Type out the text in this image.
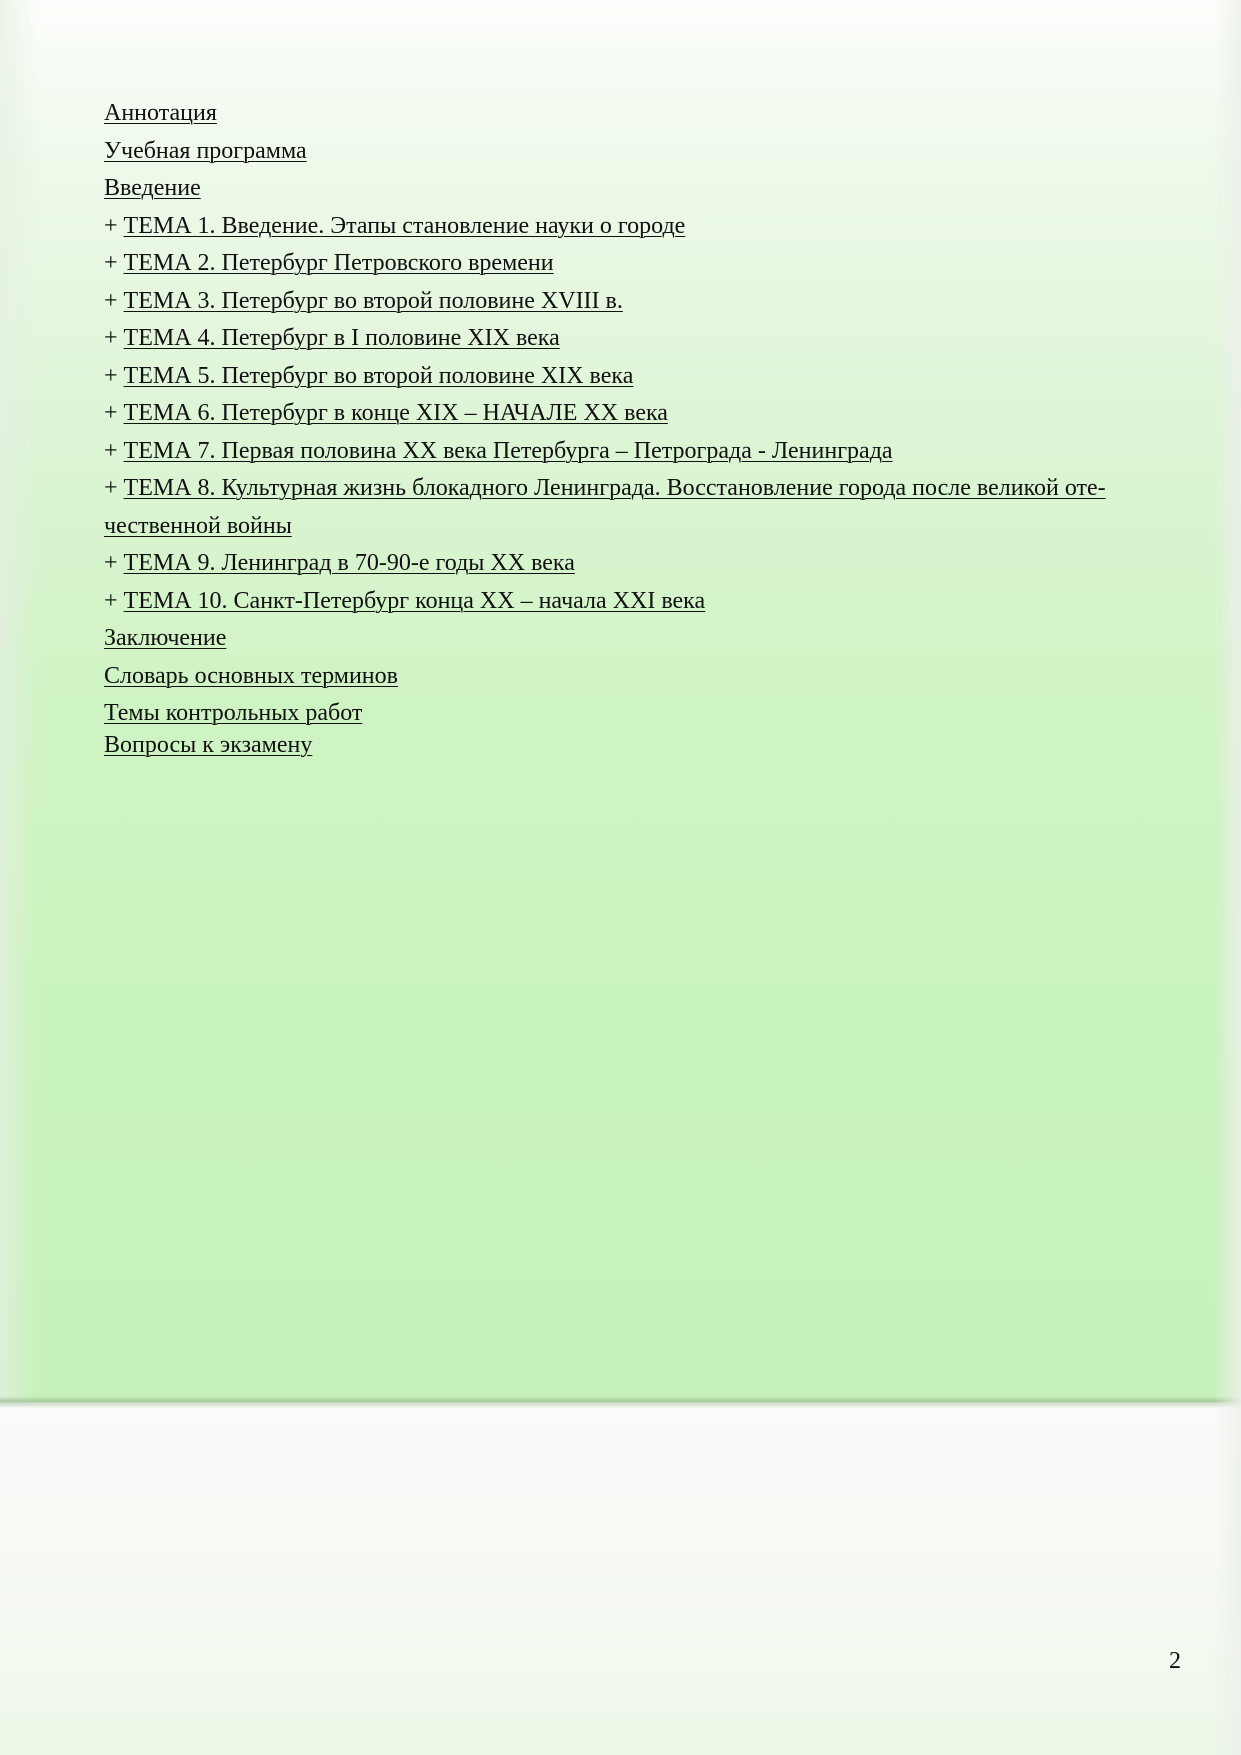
Аннотация

Учебная программа

Введение

+ ТЕМА 1. Введение. Этапы становление науки о городе

+ ТЕМА 2. Петербург Петровского времени

+ ТЕМА 3. Петербург во второй половине XVIII в.

+ ТЕМА 4. Петербург в I половине XIX века

+ ТЕМА 5. Петербург во второй половине XIX века

+ ТЕМА 6. Петербург в конце XIX – НАЧАЛЕ XX века

+ ТЕМА 7. Первая половина XX века Петербурга – Петрограда - Ленинграда

+ ТЕМА 8. Культурная жизнь блокадного Ленинграда. Восстановление города после великой оте-чественной войны

+ ТЕМА 9. Ленинград в 70-90-е годы XX века

+ ТЕМА 10. Санкт-Петербург конца XX – начала XXI века

Заключение

Словарь основных терминов

Темы контрольных работ

Вопросы к экзамену

2
